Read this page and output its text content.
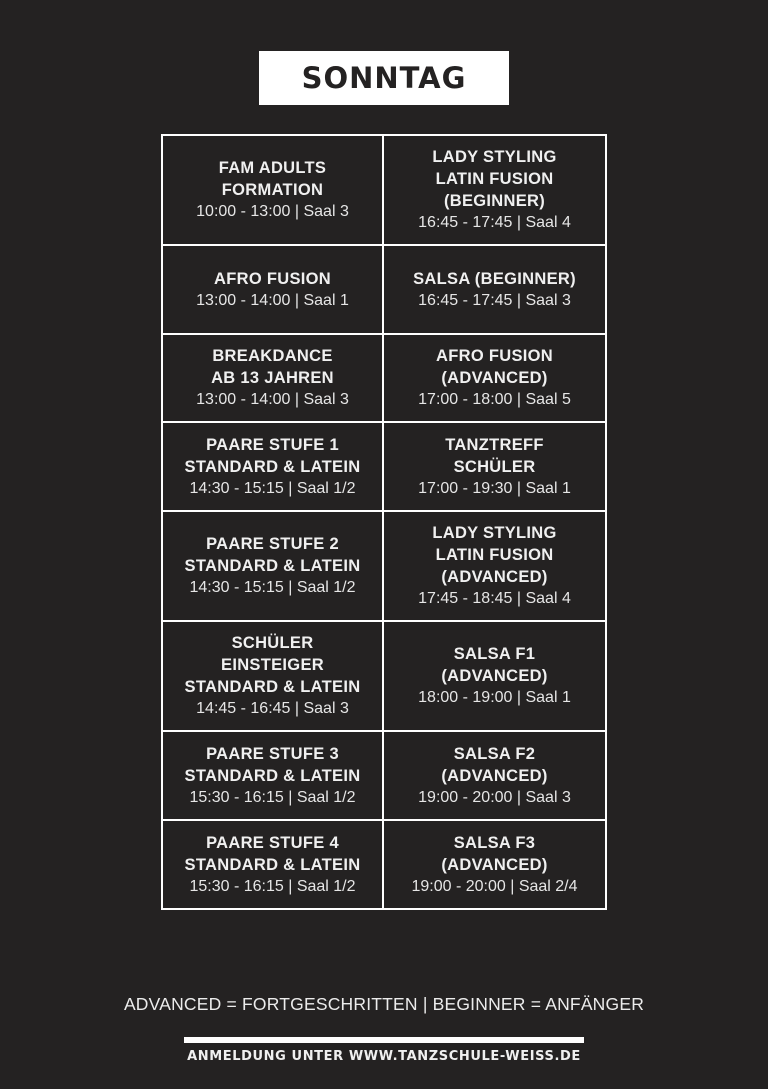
SONNTAG
FAM ADULTS
FORMATION
10:00 - 13:00 | Saal 3
LADY STYLING
LATIN FUSION
(BEGINNER)
16:45 - 17:45 | Saal 4
AFRO FUSION
13:00 - 14:00 | Saal 1
SALSA (BEGINNER)
16:45 - 17:45 | Saal 3
BREAKDANCE
AB 13 JAHREN
13:00 - 14:00 | Saal 3
AFRO FUSION
(ADVANCED)
17:00 - 18:00 | Saal 5
PAARE STUFE 1
STANDARD & LATEIN
14:30 - 15:15 | Saal 1/2
TANZTREFF
SCHÜLER
17:00 - 19:30 | Saal 1
PAARE STUFE 2
STANDARD & LATEIN
14:30 - 15:15 | Saal 1/2
LADY STYLING
LATIN FUSION
(ADVANCED)
17:45 - 18:45 | Saal 4
SCHÜLER
EINSTEIGER
STANDARD & LATEIN
14:45 - 16:45 | Saal 3
SALSA F1
(ADVANCED)
18:00 - 19:00 | Saal 1
PAARE STUFE 3
STANDARD & LATEIN
15:30 - 16:15 | Saal 1/2
SALSA F2
(ADVANCED)
19:00 - 20:00 | Saal 3
PAARE STUFE 4
STANDARD & LATEIN
15:30 - 16:15 | Saal 1/2
SALSA F3
(ADVANCED)
19:00 - 20:00 | Saal 2/4
ADVANCED = FORTGESCHRITTEN | BEGINNER = ANFÄNGER
ANMELDUNG UNTER WWW.TANZSCHULE-WEISS.DE
